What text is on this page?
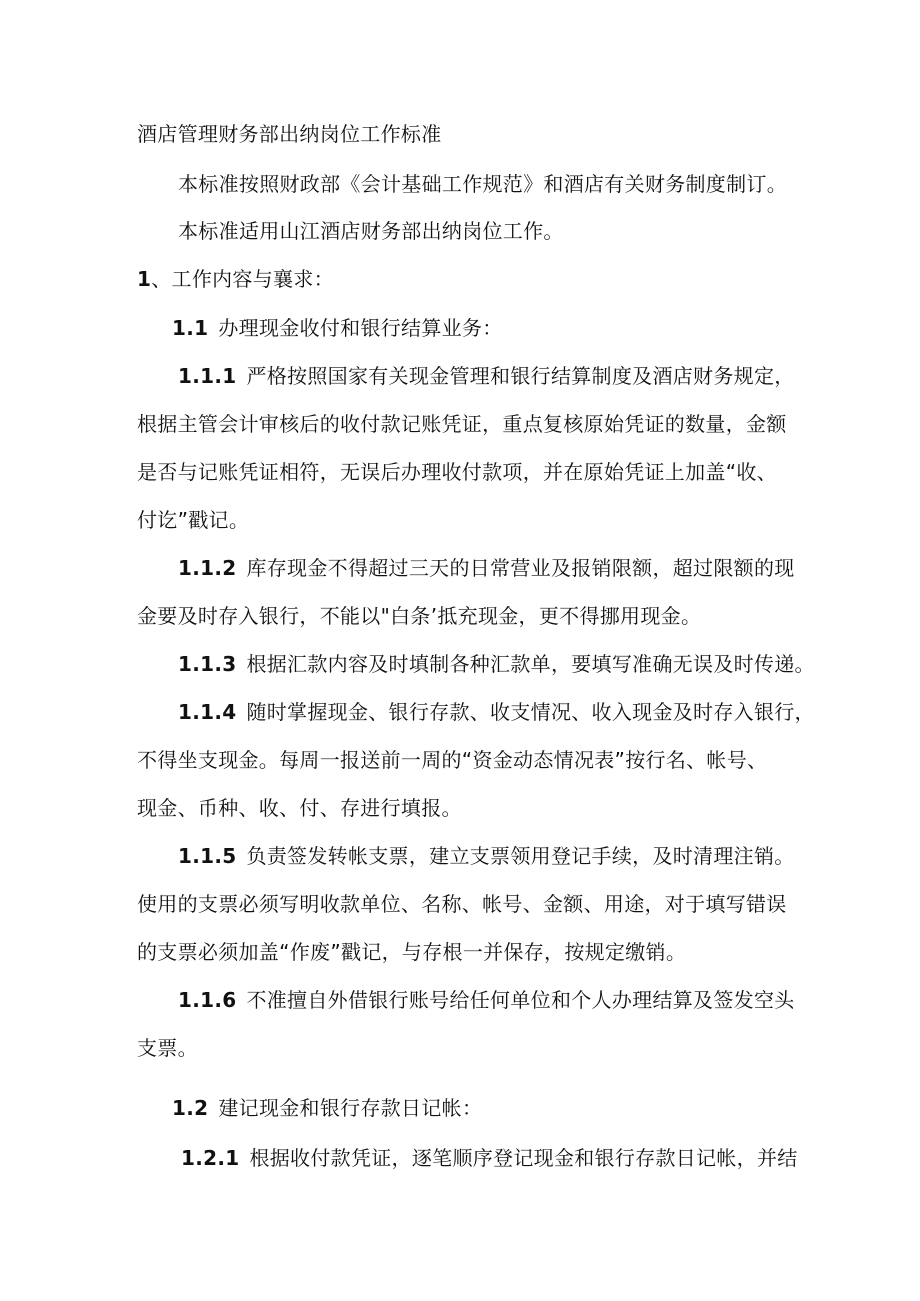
酒店管理财务部出纳岗位工作标准
本标准按照财政部《会计基础工作规范》和酒店有关财务制度制订。
本标准适用山江酒店财务部出纳岗位工作。
1、工作内容与襄求：
1.1 办理现金收付和银行结算业务：
1.1.1 严格按照国家有关现金管理和银行结算制度及酒店财务规定，
根据主管会计审核后的收付款记账凭证，重点复核原始凭证的数量，金额
是否与记账凭证相符，无误后办理收付款项，并在原始凭证上加盖“收、
付讫”戳记。
1.1.2 库存现金不得超过三天的日常营业及报销限额，超过限额的现
金要及时存入银行，不能以"白条’抵充现金，更不得挪用现金。
1.1.3 根据汇款内容及时填制各种汇款单，要填写准确无误及时传递。
1.1.4 随时掌握现金、银行存款、收支情况、收入现金及时存入银行，
不得坐支现金。每周一报送前一周的“资金动态情况表”按行名、帐号、
现金、币种、收、付、存进行填报。
1.1.5 负责签发转帐支票，建立支票领用登记手续，及时清理注销。
使用的支票必须写明收款单位、名称、帐号、金额、用途，对于填写错误
的支票必须加盖“作废”戳记，与存根一并保存，按规定缴销。
1.1.6 不准擅自外借银行账号给任何单位和个人办理结算及签发空头
支票。
1.2 建记现金和银行存款日记帐：
1.2.1 根据收付款凭证，逐笔顺序登记现金和银行存款日记帐，并结
